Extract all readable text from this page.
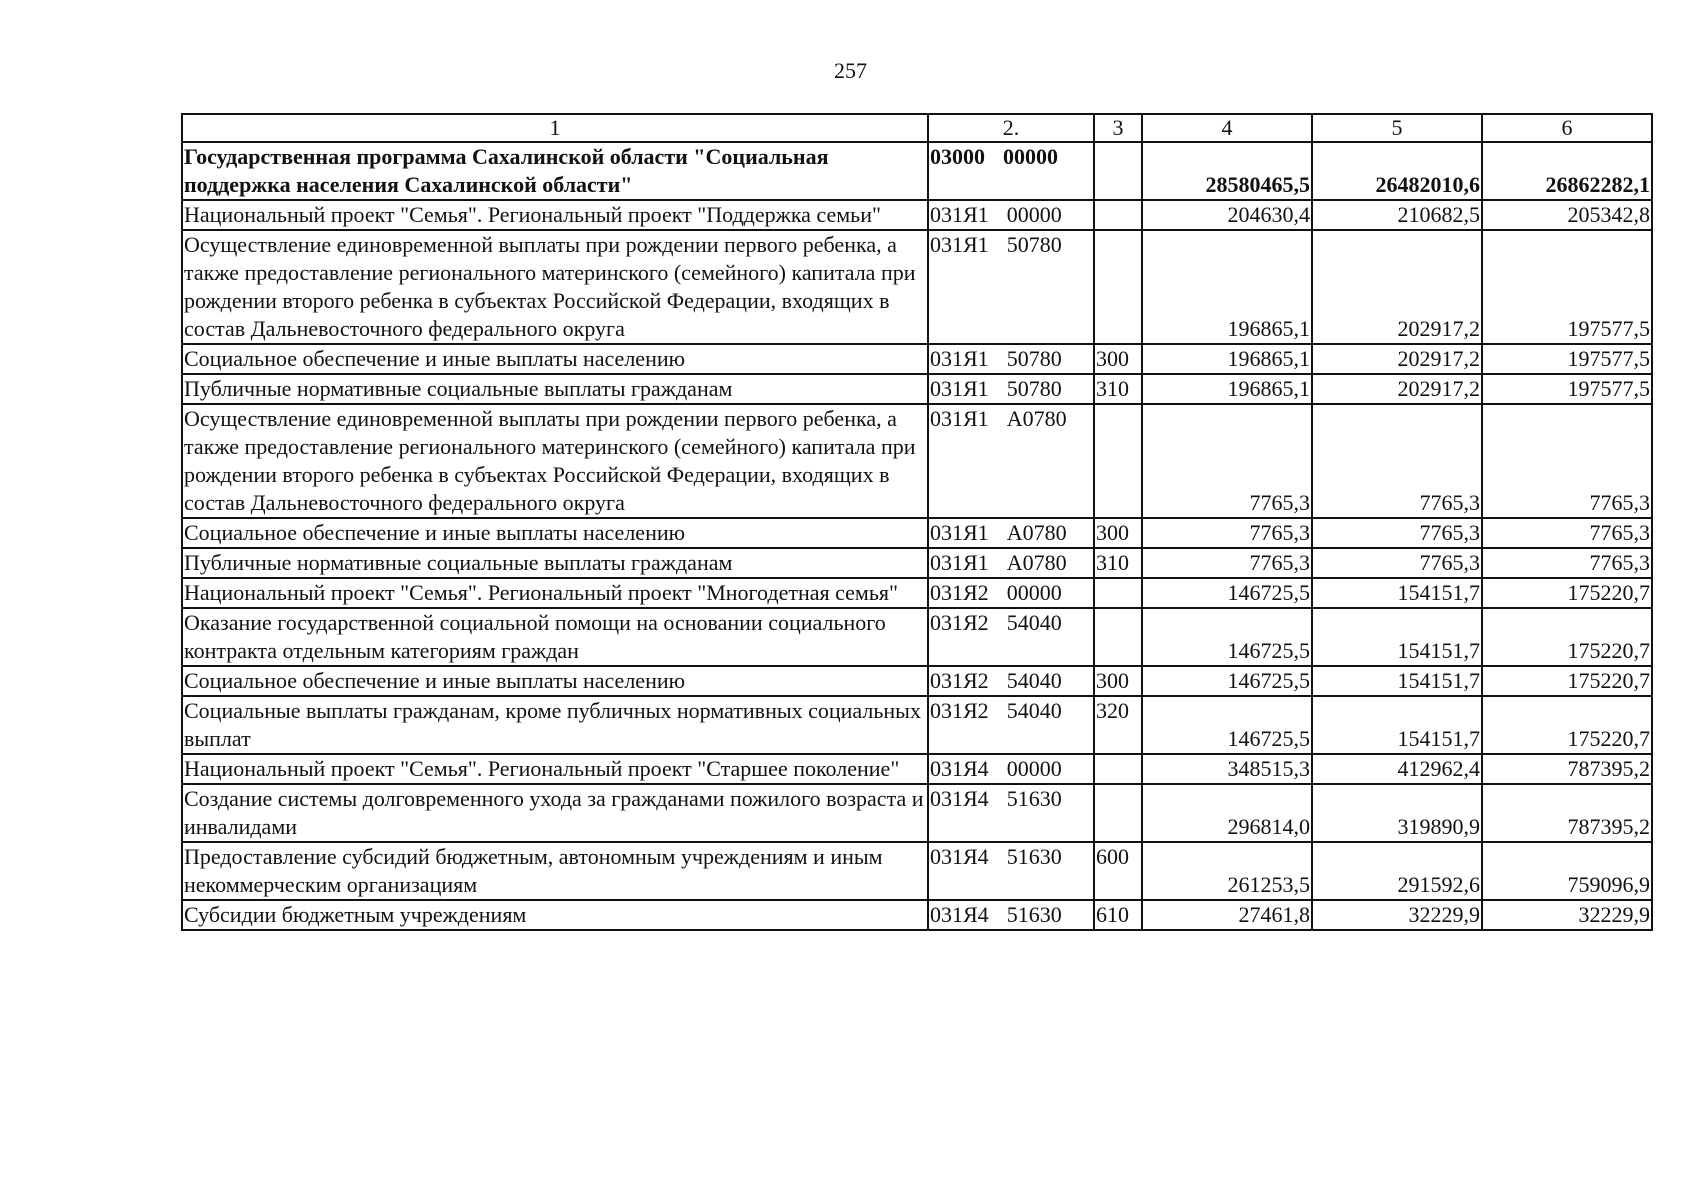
257
1	2.	3	4	5	6
Государственная программа Сахалинской области "Социальная поддержка населения Сахалинской области"	03000 00000		28580465,5	26482010,6	26862282,1
Национальный проект "Семья". Региональный проект "Поддержка семьи"	031Я1 00000		204630,4	210682,5	205342,8
Осуществление единовременной выплаты при рождении первого ребенка, а также предоставление регионального материнского (семейного) капитала при рождении второго ребенка в субъектах Российской Федерации, входящих в состав Дальневосточного федерального округа	031Я1 50780		196865,1	202917,2	197577,5
Социальное обеспечение и иные выплаты населению	031Я1 50780	300	196865,1	202917,2	197577,5
Публичные нормативные социальные выплаты гражданам	031Я1 50780	310	196865,1	202917,2	197577,5
Осуществление единовременной выплаты при рождении первого ребенка, а также предоставление регионального материнского (семейного) капитала при рождении второго ребенка в субъектах Российской Федерации, входящих в состав Дальневосточного федерального округа	031Я1 А0780		7765,3	7765,3	7765,3
Социальное обеспечение и иные выплаты населению	031Я1 А0780	300	7765,3	7765,3	7765,3
Публичные нормативные социальные выплаты гражданам	031Я1 А0780	310	7765,3	7765,3	7765,3
Национальный проект "Семья". Региональный проект "Многодетная семья"	031Я2 00000		146725,5	154151,7	175220,7
Оказание государственной социальной помощи на основании социального контракта отдельным категориям граждан	031Я2 54040		146725,5	154151,7	175220,7
Социальное обеспечение и иные выплаты населению	031Я2 54040	300	146725,5	154151,7	175220,7
Социальные выплаты гражданам, кроме публичных нормативных социальных выплат	031Я2 54040	320	146725,5	154151,7	175220,7
Национальный проект "Семья". Региональный проект "Старшее поколение"	031Я4 00000		348515,3	412962,4	787395,2
Создание системы долговременного ухода за гражданами пожилого возраста и инвалидами	031Я4 51630		296814,0	319890,9	787395,2
Предоставление субсидий бюджетным, автономным учреждениям и иным некоммерческим организациям	031Я4 51630	600	261253,5	291592,6	759096,9
Субсидии бюджетным учреждениям	031Я4 51630	610	27461,8	32229,9	32229,9
